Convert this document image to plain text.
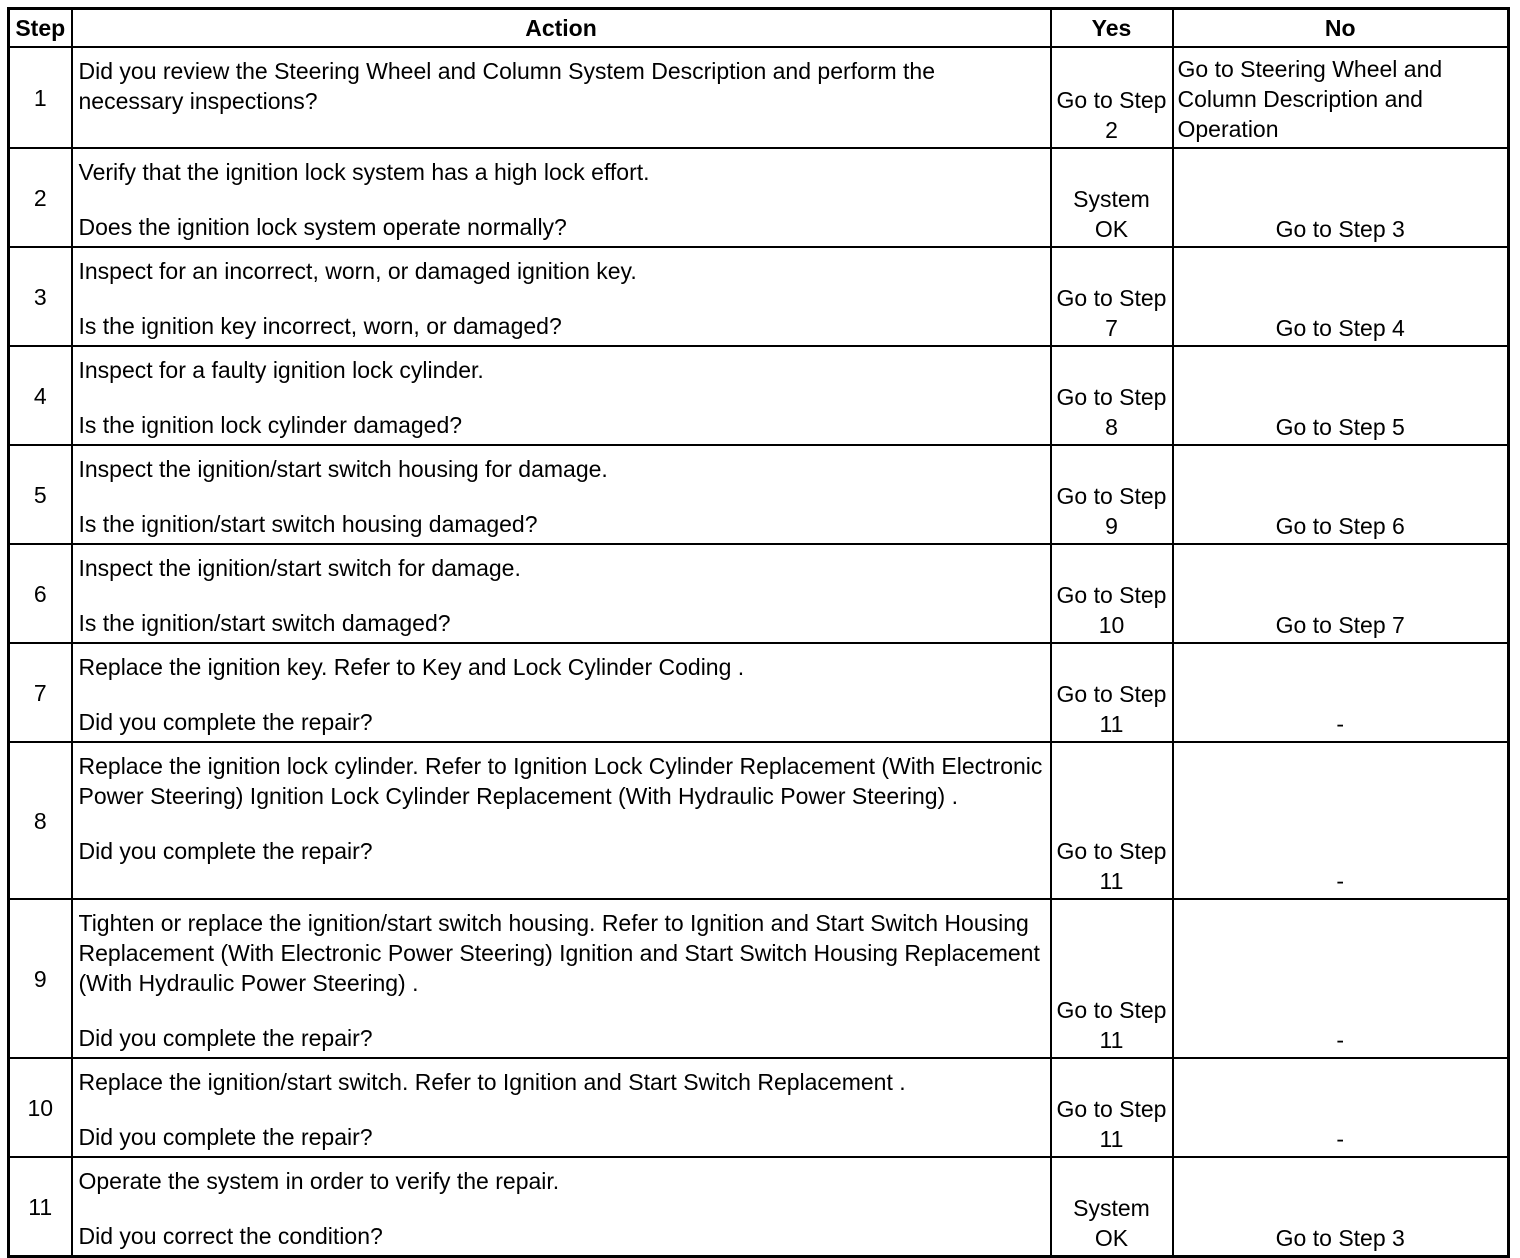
Step	Action	Yes	No
1	Did you review the Steering Wheel and Column System Description and perform the necessary inspections?	Go to Step 2	Go to Steering Wheel and Column Description and Operation
2	Verify that the ignition lock system has a high lock effort.
Does the ignition lock system operate normally?	System OK	Go to Step 3
3	Inspect for an incorrect, worn, or damaged ignition key.
Is the ignition key incorrect, worn, or damaged?	Go to Step 7	Go to Step 4
4	Inspect for a faulty ignition lock cylinder.
Is the ignition lock cylinder damaged?	Go to Step 8	Go to Step 5
5	Inspect the ignition/start switch housing for damage.
Is the ignition/start switch housing damaged?	Go to Step 9	Go to Step 6
6	Inspect the ignition/start switch for damage.
Is the ignition/start switch damaged?	Go to Step 10	Go to Step 7
7	Replace the ignition key. Refer to Key and Lock Cylinder Coding .
Did you complete the repair?	Go to Step 11	-
8	Replace the ignition lock cylinder. Refer to Ignition Lock Cylinder Replacement (With Electronic Power Steering) Ignition Lock Cylinder Replacement (With Hydraulic Power Steering) .
Did you complete the repair?	Go to Step 11	-
9	Tighten or replace the ignition/start switch housing. Refer to Ignition and Start Switch Housing Replacement (With Electronic Power Steering) Ignition and Start Switch Housing Replacement (With Hydraulic Power Steering) .
Did you complete the repair?	Go to Step 11	-
10	Replace the ignition/start switch. Refer to Ignition and Start Switch Replacement .
Did you complete the repair?	Go to Step 11	-
11	Operate the system in order to verify the repair.
Did you correct the condition?	System OK	Go to Step 3
